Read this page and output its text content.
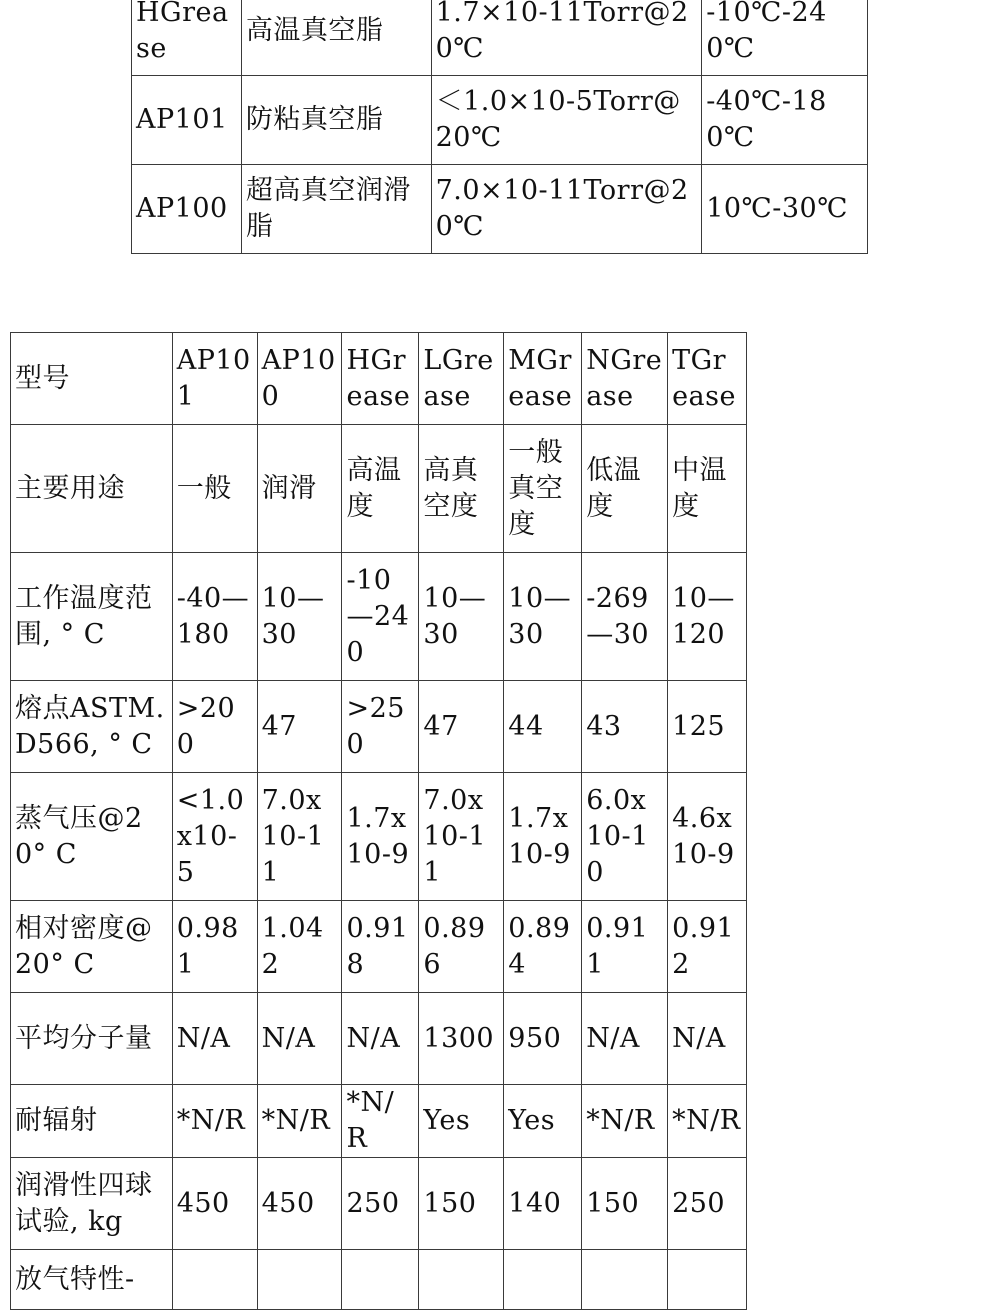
HGrease	高温真空脂	1.7×10-11Torr@20℃	-10℃-240℃
AP101	防粘真空脂	＜1.0×10-5Torr@20℃	-40℃-180℃
AP100	超高真空润滑脂	7.0×10-11Torr@20℃	10℃-30℃
型号	AP101	AP100	HGrease	LGrease	MGrease	NGrease	TGrease
主要用途	一般	润滑	高温度	高真空度	一般真空度	低温度	中温度
工作温度范围, ° C	-40—180	10—30	-10—240	10—30	10—30	-269—30	10—120
熔点ASTM. D566, ° C	>200	47	>250	47	44	43	125
蒸气压@20° C	<1.0x10-5	7.0x10-11	1.7x10-9	7.0x10-11	1.7x10-9	6.0x10-10	4.6x10-9
相对密度@20° C	0.981	1.042	0.918	0.896	0.894	0.911	0.912
平均分子量	N/A	N/A	N/A	1300	950	N/A	N/A
耐辐射	*N/R	*N/R	*N/R	Yes	Yes	*N/R	*N/R
润滑性四球试验, kg	450	450	250	150	140	150	250
放气特性-							
